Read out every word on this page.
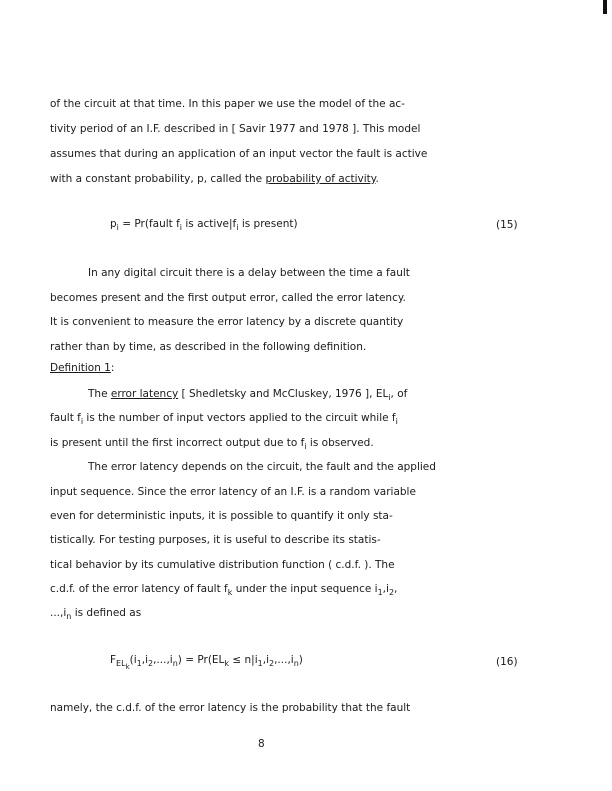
of the circuit at that time. In this paper we use the model of the ac-
tivity period of an I.F. described in [ Savir 1977 and 1978 ]. This model
assumes that during an application of an input vector the fault is active
with a constant probability, p, called the probability of activity.
$p_i$ = Pr(fault $f_i$ is $active|f_i$ is present)	(15)
In any digital circuit there is a delay between the time a fault
becomes present and the first output error, called the error latency.
It is convenient to measure the error latency by a discrete quantity
rather than by time, as described in the following definition.
Definition 1:
The error latency [ Shedletsky and McCluskey, 1976 ], $EL_i$, of
fault $f_i$ is the number of input vectors applied to the circuit while $f_i$
is present until the first incorrect output due to $f_i$ is observed.
The error latency depends on the circuit, the fault and the applied
input sequence. Since the error latency of an I.F. is a random variable
even for deterministic inputs, it is possible to quantify it only sta-
tistically. For testing purposes, it is useful to describe its statis-
tical behavior by its cumulative distribution function ( c.d.f. ). The
c.d.f. of the error latency of fault $f_k$ under the input sequence $i_1,i_2$,
$...,i_n$ is defined as
$F_{EL_k}(i_1,i_2,...,i_n) = Pr(EL_k \le n|i_1,i_2,...,i_n)$	(16)
namely, the c.d.f. of the error latency is the probability that the fault
8
